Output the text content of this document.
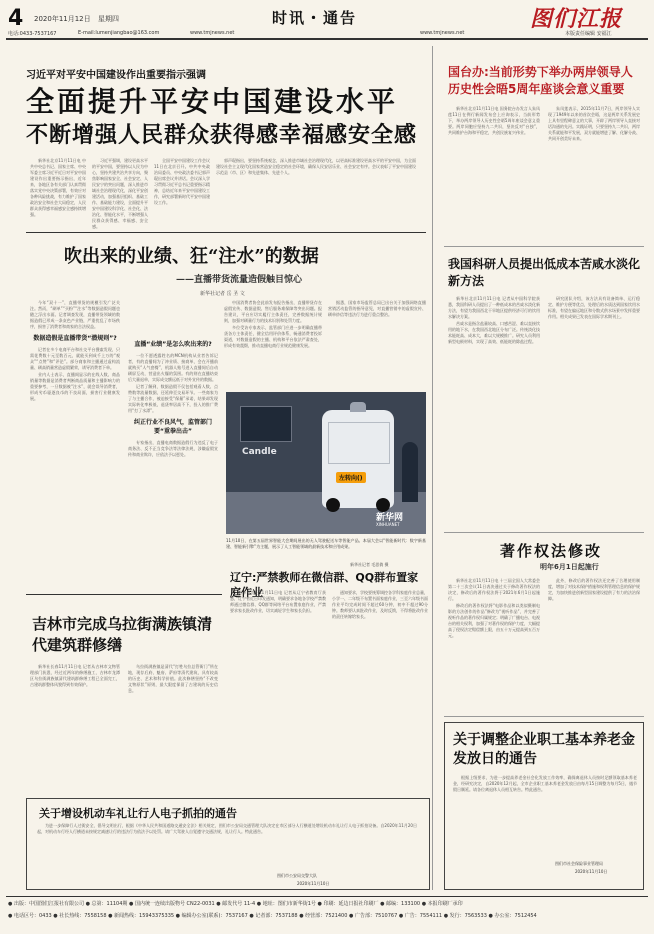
4 2020年11月12日 星期四	时讯・通告	图们江报
电话:0433-7537167	E-mail:lumenjiangbao@163.com	www.tmjnews.net	www.tmjnews.net	本版责任编辑 安福江
习近平对平安中国建设作出重要指示强调
全面提升平安中国建设水平
不断增强人民群众获得感幸福感安全感

新华社北京11月11日电 中共中央总书记、国家主席、中央军委主席习近平近日对平安中国建设作出重要指示指出，近年来，各地区各有关部门认真贯彻落实党中央决策部署，有效应对各种风险挑战，有力维护了国家政治安全和社会大局稳定，人民群众获得感幸福感安全感持续增强。

习近平强调，建设更高水平的平安中国，要坚持以人民为中心，坚持共建共治共享方向，聚焦影响国家安全、社会安定、人民安宁的突出问题，深入推进市域社会治理现代化，深化平安创建活动，加强基层组织、基础工作、基础能力建设，全面提升平安中国建设科学化、社会化、法治化、智能化水平，不断增强人民群众获得感、幸福感、安全感。

全国平安中国建设工作会议11日在北京召开。中共中央政治局委员、中央政法委书记郭声琨出席会议并讲话。会议深入学习贯彻习近平总书记重要指示精神，总结近年来平安中国建设工作，研究部署新时代平安中国建设工作。

郭声琨指出，要坚持系统观念，深入推进市域社会治理现代化，以更高标准建设更高水平的平安中国，为全面建设社会主义现代化国家营造安全稳定的社会环境，确保人民安居乐业、社会安定有序。会议表彰了平安中国建设示范县（市、区）和先进集体、先进个人。

国台办:当前形势下举办两岸领导人历史性会晤5周年座谈会意义重要

新华社北京11月11日电 国务院台办发言人朱凤莲11日在例行新闻发布会上应询表示，当前形势下，举办两岸领导人历史性会晤5周年座谈会意义重要。两岸同胞应坚持九二共识，坚决反对“台独”，共同维护台海和平稳定，共创民族复兴伟业。

朱凤莲表示，2015年11月7日，两岸领导人实现了1949年以来的首次会晤，这是两岸关系发展史上具有里程碑意义的大事，开辟了两岸领导人直接对话沟通的先河。实践证明，只要坚持九二共识，两岸关系就能和平发展，双方就能增进了解、化解分歧、共同开创美好未来。

吹出来的业绩、狂“注水”的数据
——直播带货流量造假触目惊心
新华社记者 岳 圣 文

今年“双十一”，直播带货的规模引发广泛关注。然而，“刷单”“买粉”“注水”等数据造假问题也随之浮出水面。记者调查发现，直播带货领域的数据造假已形成一条灰色产业链，严重扰乱了市场秩序，损害了消费者和商家的合法权益。

数据造假是直播带货“潜规则”?

记者在多个电商平台和社交平台搜索发现，只需花费数十元至数百元，就能买到成千上万的“观众”“点赞”和“评论”。部分商家和主播通过虚构流量、刷高销量营造虚假繁荣，诱导消费者下单。

业内人士表示，直播间显示的在线人数、商品销量等数据是消费者判断商品质量和主播影响力的重要参考，一旦数据被“注水”，就会误导消费者，形成劣币驱逐良币的不良局面，损害行业健康发展。

直播“业绩”是怎么吹出来的?

一位不愿透露姓名的MCN机构从业者告诉记者，有的直播间为了冲业绩、接商单，会在开播前就购买“人气套餐”，机器人账号进入直播间后自动刷屏互动，营造出火爆的氛围。有的则在直播结束后大量退单，实际成交额远低于对外宣传的数据。

记者了解到，数据造假不仅包括观看人数、点赞数等流量数据，还延伸至交易环节。一些商家为了与主播合作，被迫接受“保量”承诺，结果却发现实际转化率极低，退货率居高不下，投入的推广费用“打了水漂”。

纠正行业不良风气，监管部门要“重拳出击”

专家指出，直播电商数据造假行为违反了电子商务法、反不正当竞争法等法律法规，涉嫌虚假宣传和商业欺诈，应依法予以惩处。

中国消费者协会此前发布报告指出，直播带货存在虚假宣传、数据造假、售后服务难保障等突出问题。报告建议，平台应切实履行主体责任，完善数据统计规则，加强对刷量行为的技术识别和处罚力度。

多位受访专家表示，监管部门应进一步明确直播带货各方主体责任，健全信用评价体系，畅通消费者投诉渠道，对数据造假的主播、机构和平台依法严肃查处，形成有效震慑，推动直播电商行业规范健康发展。

据悉，国家市场监管总局已出台关于加强网络直播营销活动监管的指导意见，对直播营销中的虚假宣传、刷单炒信等违法行为进行重点整治。

Candle
左转向()
新华网
XINHUANET
11月10日，在第五届世界智能大会期间展出的无人驾驶配送车等智能产品。本届大会以“智能新时代：数字新基建、智能新引擎”为主题，展示了人工智能领域的最新技术和应用成果。
新华社记者 毛思倩 摄
我国科研人员提出低成本苦咸水淡化新方法

新华社北京11月11日电 记者从中国科学院获悉，我国科研人员提出了一种低成本的苦咸水淡化新方法，有望为我国西北干旱地区提供经济可行的饮用水解决方案。

苦咸水是指含盐量较高、口感苦涩、难以直接饮用的地下水，在我国西北地区分布广泛。传统淡化技术能耗高、成本大，难以大规模推广。研究人员利用新型电极材料，实现了高效、低能耗的除盐过程。

研究团队介绍，该方法具有设备简单、运行稳定、维护方便等优点，处理后的水质达到国家饮用水标准，有望在偏远地区和分散式供水场景中发挥重要作用。相关成果已发表在国际学术期刊上。

著作权法修改
明年6月1日起施行

新华社北京11月11日电 十三届全国人大常委会第二十三次会议11日表决通过关于修改著作权法的决定，修改后的著作权法将于2021年6月1日起施行。

修改后的著作权法将“电影作品和以类似摄制电影的方法创作的作品”修改为“视听作品”，并完善了视听作品的著作权归属规定；明确了广播电台、电视台的相关权利，加强了对著作权的保护力度，大幅提高了侵权法定赔偿额上限，由五十万元提高到五百万元。

此外，修改后的著作权法还完善了合理使用制度，增加了对技术保护措施和权利管理信息的保护规定，为加快推进创新型国家建设提供了有力的法治保障。

吉林市完成乌拉街满族镇清代建筑群修缮

新华社长春11月11日电 记者从吉林市文物管理部门获悉，经过近两年的修缮施工，吉林市龙潭区乌拉街满族镇清代建筑群修缮工程已全面完工，古建筑群整体风貌得到有效保护。

乌拉街满族镇是清代“打牲乌拉总管衙门”所在地，现存后府、魁府、萨府等清代建筑，具有较高的历史、艺术和科学价值。此次修缮坚持“不改变文物原状”原则，最大限度保留了古建筑的历史信息。

辽宁:严禁教师在微信群、QQ群布置家庭作业

新华社沈阳11月11日电 记者从辽宁省教育厅获悉，辽宁省近日印发通知，明确要求各地各学校严禁教师通过微信群、QQ群等网络平台布置家庭作业，严禁要求家长批改作业，切实减轻学生和家长负担。

通知要求，学校要统筹调控各学科家庭作业总量，小学一、二年级不布置书面家庭作业，三至六年级书面作业平均完成时间不超过60分钟，初中不超过90分钟。教师要认真批改作业，及时反馈，不得将批改作业的责任转嫁给家长。

关于调整企业职工基本养老金发放日的通告

根据上级要求，为进一步提高养老金社会化发放工作效率，确保离退休人员按时足额领取基本养老金，经研究决定，自2020年12月起，全市企业职工基本养老金发放日由每月15日调整为每月5日，遇节假日顺延。请各位离退休人员相互转告。特此通告。

图们市社会保险事业管理局
2020年11月10日
关于增设机动车礼让行人电子抓拍的通告

为进一步保障行人过街安全，倡导文明出行，根据《中华人民共和国道路交通安全法》相关规定，图们市公安局交通管理大队决定在市区部分人行横道处增设机动车礼让行人电子抓拍设备。自2020年11月20日起，对机动车行经人行横道未按规定减速让行的违法行为依法予以处罚。请广大驾驶人自觉遵守交通法规，礼让行人。特此通告。

图们市公安局交警大队
2020年11月10日
● 出版：中国图们江报社有限公司 ● 总第：11104期 ● 国内统一连续出版物号 CN22-0031 ● 邮发代号 11-4 ● 地址：图们市新华街1号 ● 印刷：延边日报社印刷厂 ● 邮编：133100 ● 本报印刷厂承印
● 电话区号：0433 ● 社长热线：7558158 ● 新闻热线：15943375335 ● 编辑办公室(联系)：7537167 ● 记者部：7537188 ● 经营部：7521400 ● 广告部：7510767 ● 广告：7554111 ● 发行：7563533 ● 办公室：7512454
